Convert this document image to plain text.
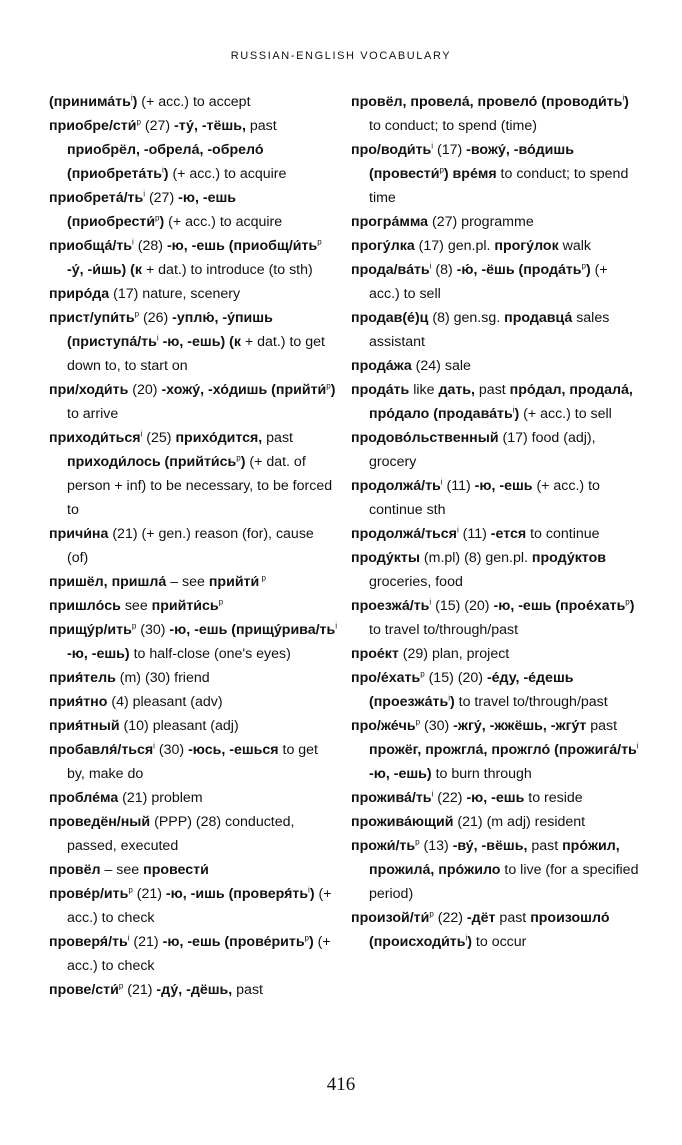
RUSSIAN-ENGLISH VOCABULARY
$(принима́ть^i)$ (+ acc.) to accept
приобре/сти́$^p$ (27) -ту́, -тёшь, past приобрёл, -обрела́, -обрело́ $(приобрета́ть^i)$ (+ acc.) to acquire
$приобрета́/ть^i$ (27) -ю, -ешь (приобрести́$^p$) (+ acc.) to acquire
$приобща́/ть^i$ (28) -ю, -ешь ($приобщ/и́ть^p$ -у́, -и́шь) (к + dat.) to introduce (to sth)
приро́да (17) nature, scenery
прист/$упи́ть^p$ (26) -уплю́, -у́пишь ($приступа́/ть^i$ -ю, -ешь) (к + dat.) to get down to, to start on
при/ходи́ть (20) -хожу́, -хо́дишь (прийти́$^p$) to arrive
приходи́ться$^i$ (25) прихо́дится, past приходи́лось $(прийти́сь^p)$ (+ dat. of person + inf) to be necessary, to be forced to
причи́на (21) (+ gen.) reason (for), cause (of)
пришёл, пришла́ – see прийти́ $^p$
пришло́сь see $прийти́сь^p$
прищу́р/ить$^p$ (30) -ю, -ешь ($прищу́рива/ть^i$ -ю, -ешь) to half-close (one's eyes)
прия́тель (m) (30) friend
прия́тно (4) pleasant (adv)
прия́тный (10) pleasant (adj)
пробавля́/ться$^i$ (30) -юсь, -ешься to get by, make do
пробле́ма (21) problem
проведён/ный (PPP) (28) conducted, passed, executed
провёл – see провести́
прове́р/ить$^p$ (21) -ю, -ишь $(проверя́ть^i)$ (+ acc.) to check
$проверя́/ть^i$ (21) -ю, -ешь (прове́рить$^p$) (+ acc.) to check
прове/сти́$^p$ (21) -ду́, -дёшь, past
провёл, провела́, провело́ $(проводи́ть^i)$ to conduct; to spend (time)
про/$води́ть^i$ (17) -вожу́, -во́дишь (провести́$^p$) вре́мя to conduct; to spend time
програ́мма (27) programme
прогу́лка (17) gen.pl. прогу́лок walk
прода/$ва́ть^i$ (8) -ю́, -ёшь $(прода́ть^p)$ (+ acc.) to sell
продав(е́)ц (8) gen.sg. продавца́ sales assistant
прода́жа (24) sale
прода́ть like дать, past про́дал, продала́, про́дало $(продава́ть^i)$ (+ acc.) to sell
продово́льственный (17) food (adj), grocery
$продолжа́/ть^i$ (11) -ю, -ешь (+ acc.) to continue sth
продолжа́/ться$^i$ (11) -ется to continue
проду́кты (m.pl) (8) gen.pl. проду́ктов groceries, food
$проезжа́/ть^i$ (15) (20) -ю, -ешь (прое́хать$^p$) to travel to/through/past
прое́кт (29) plan, project
про/е́хать$^p$ (15) (20) -е́ду, -е́дешь $(проезжа́ть^i)$ to travel to/through/past
про/$же́чь^p$ (30) -жгу́, -жжёшь, -жгу́т past прожёг, прожгла́, прожгло́ ($прожига́/ть^i$ -ю, -ешь) to burn through
$прожива́/ть^i$ (22) -ю, -ешь to reside
прожива́ющий (21) (m adj) resident
$прожи́/ть^p$ (13) -ву́, -вёшь, past про́жил, прожила́, про́жило to live (for a specified period)
произой/ти́$^p$ (22) -дёт past произошло́ $(происходи́ть^i)$ to occur
416
